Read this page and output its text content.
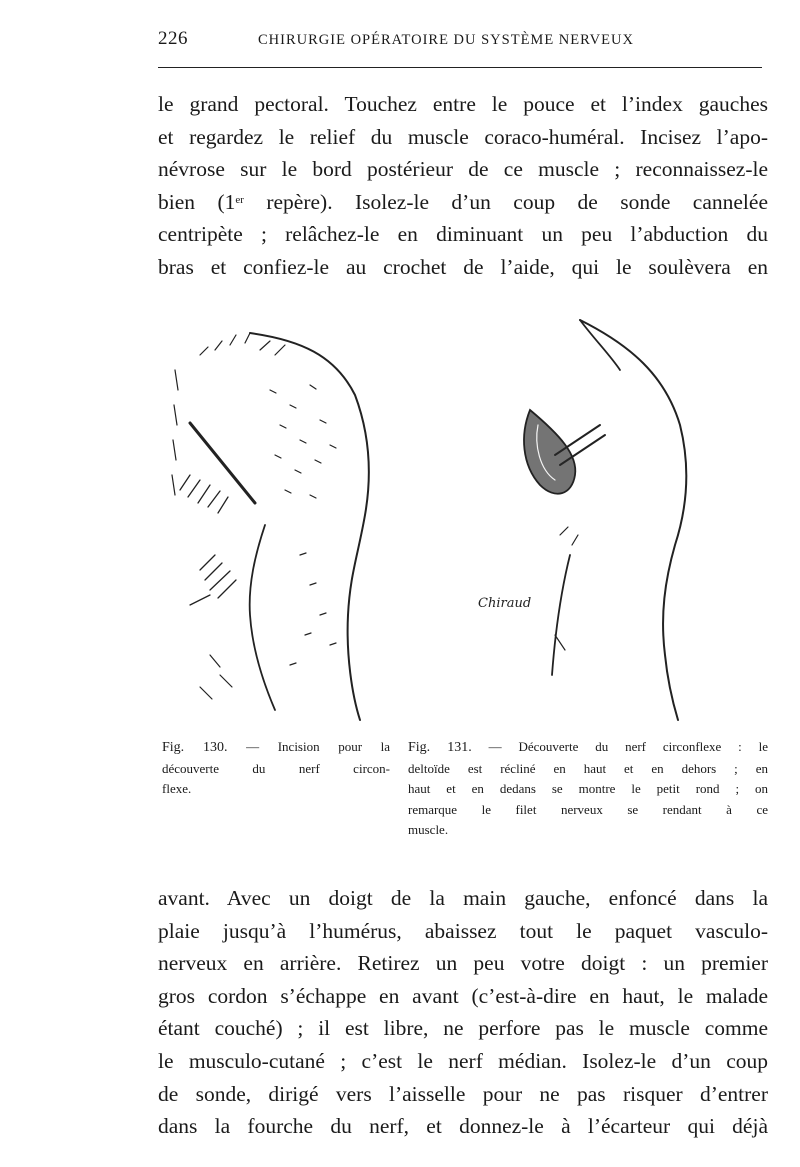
226	CHIRURGIE OPÉRATOIRE DU SYSTÈME NERVEUX

le grand pectoral. Touchez entre le pouce et l’index gauches
et regardez le relief du muscle coraco-huméral. Incisez l’apo-
névrose sur le bord postérieur de ce muscle ; reconnaissez-le
bien (1er repère). Isolez-le d’un coup de sonde cannelée
centripète ; relâchez-le en diminuant un peu l’abduction du
bras et confiez-le au crochet de l’aide, qui le soulèvera en

Chiraud

Fig. 130. — Incision pour la
découverte du nerf circon-
flexe.

Fig. 131. — Découverte du nerf circonflexe : le
deltoïde est récliné en haut et en dehors ; en
haut et en dedans se montre le petit rond ; on
remarque le filet nerveux se rendant à ce
muscle.

avant. Avec un doigt de la main gauche, enfoncé dans la
plaie jusqu’à l’humérus, abaissez tout le paquet vasculo-
nerveux en arrière. Retirez un peu votre doigt : un premier
gros cordon s’échappe en avant (c’est-à-dire en haut, le malade
étant couché) ; il est libre, ne perfore pas le muscle comme
le musculo-cutané ; c’est le nerf médian. Isolez-le d’un coup
de sonde, dirigé vers l’aisselle pour ne pas risquer d’entrer
dans la fourche du nerf, et donnez-le à l’écarteur qui déjà
